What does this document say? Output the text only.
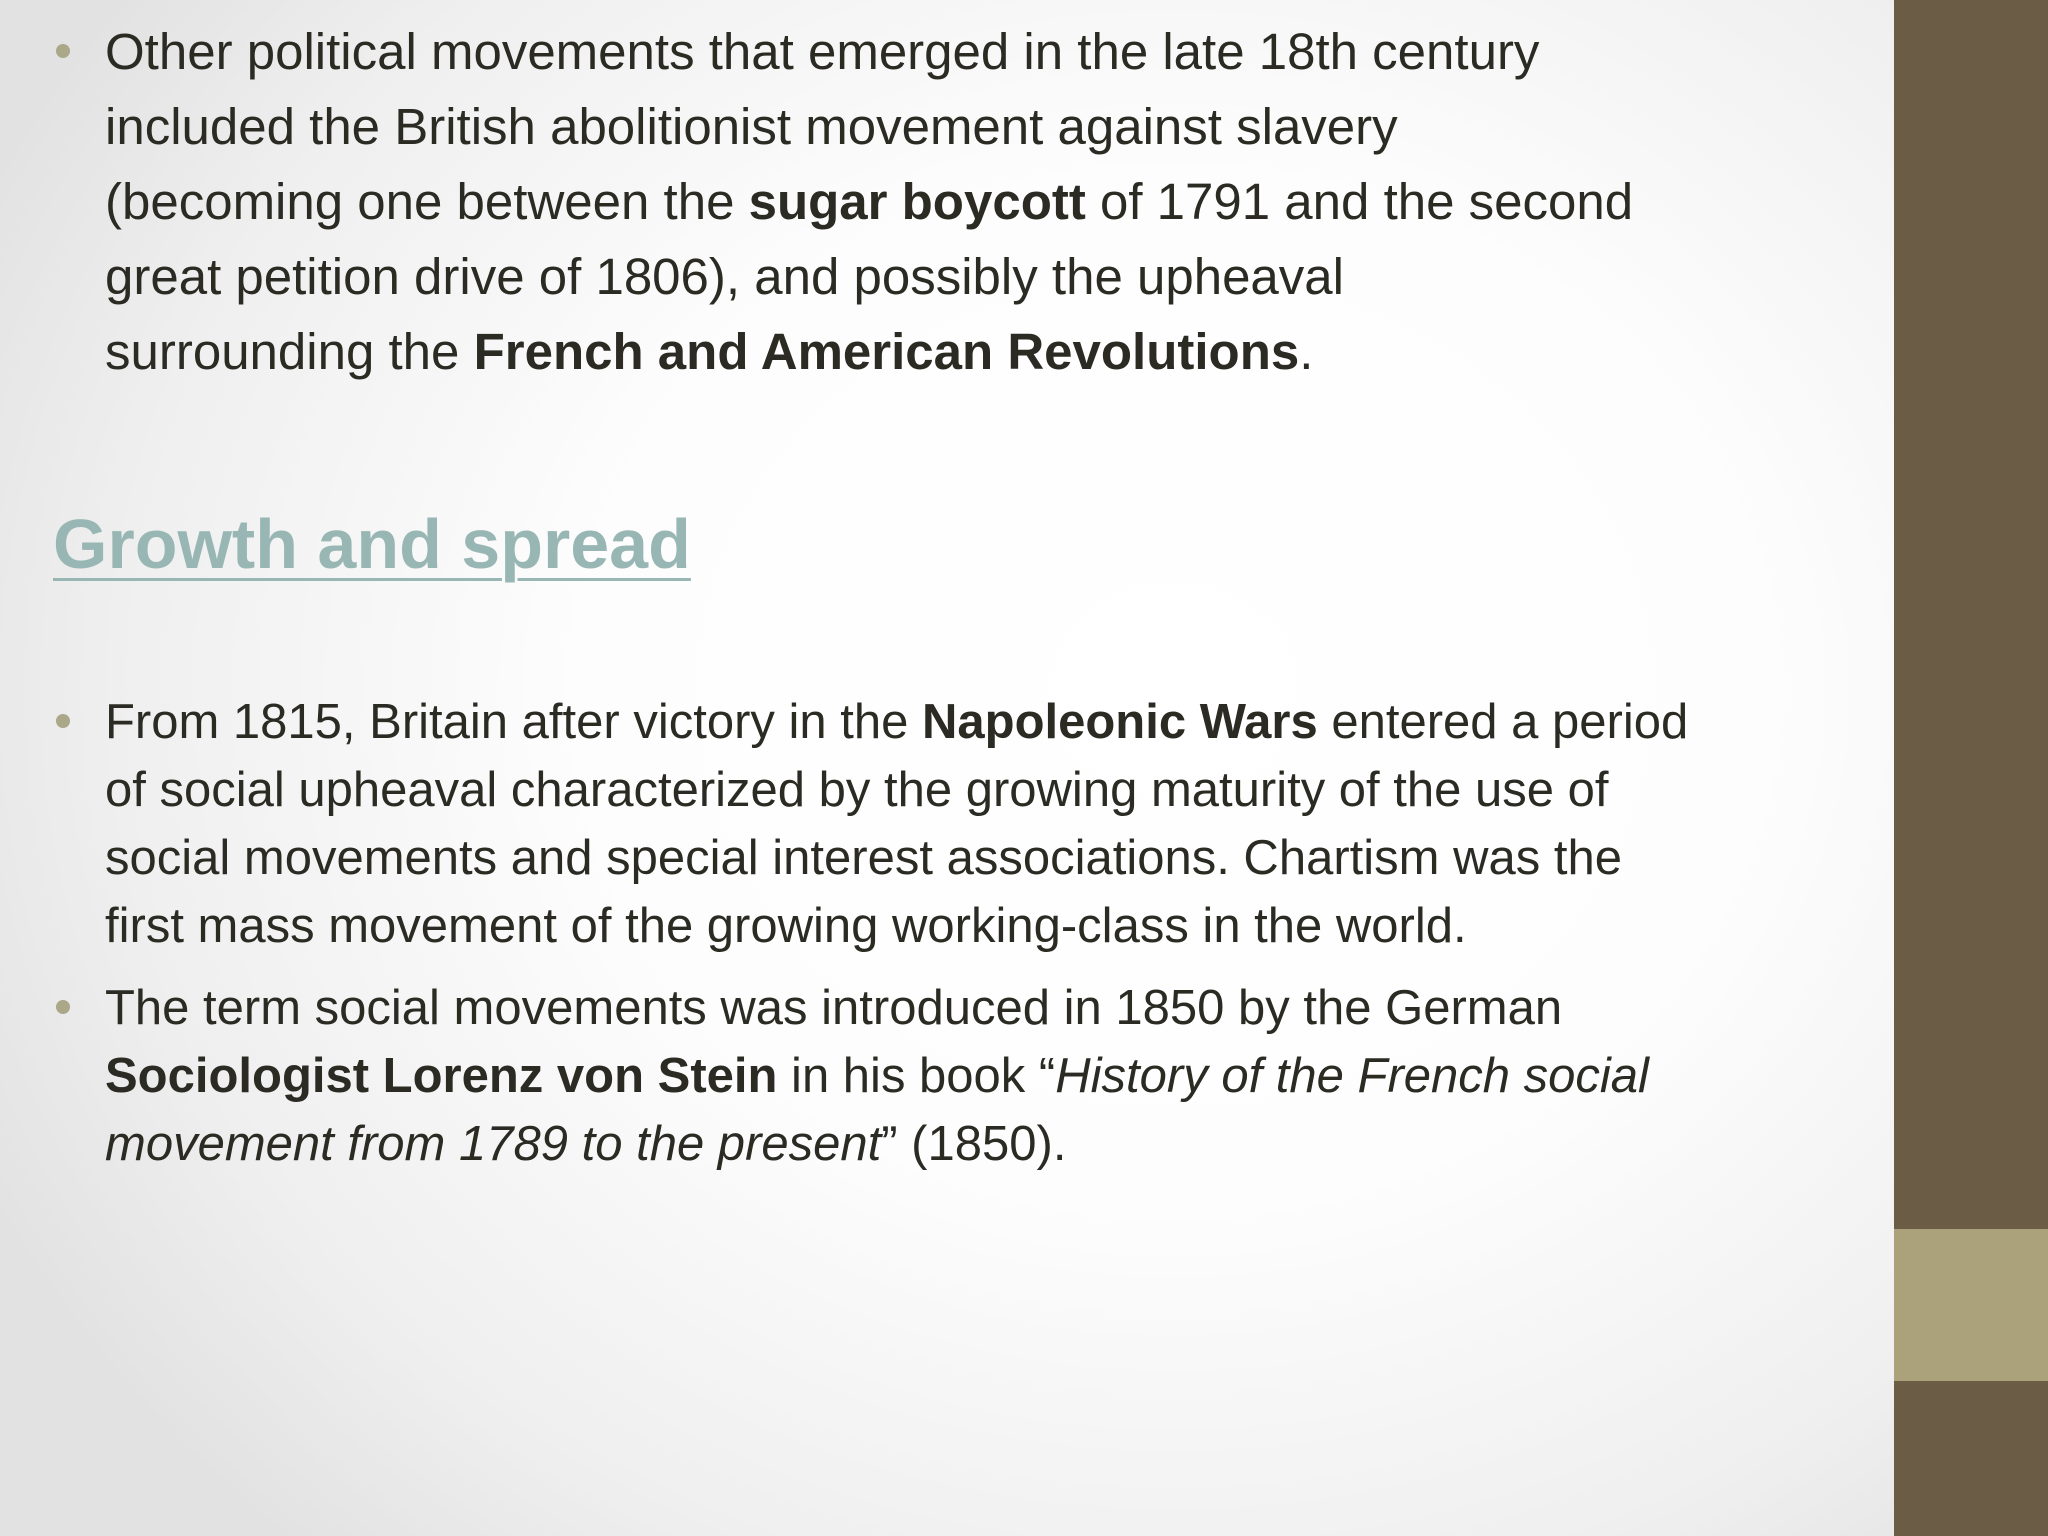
Other political movements that emerged in the late 18th century
included the British abolitionist movement against slavery
(becoming one between the sugar boycott of 1791 and the second
great petition drive of 1806), and possibly the upheaval
surrounding the French and American Revolutions.

Growth and spread

From 1815, Britain after victory in the Napoleonic Wars entered a period
of social upheaval characterized by the growing maturity of the use of
social movements and special interest associations. Chartism was the
first mass movement of the growing working-class in the world.

The term social movements was introduced in 1850 by the German
Sociologist Lorenz von Stein in his book “History of the French social
movement from 1789 to the present” (1850).
